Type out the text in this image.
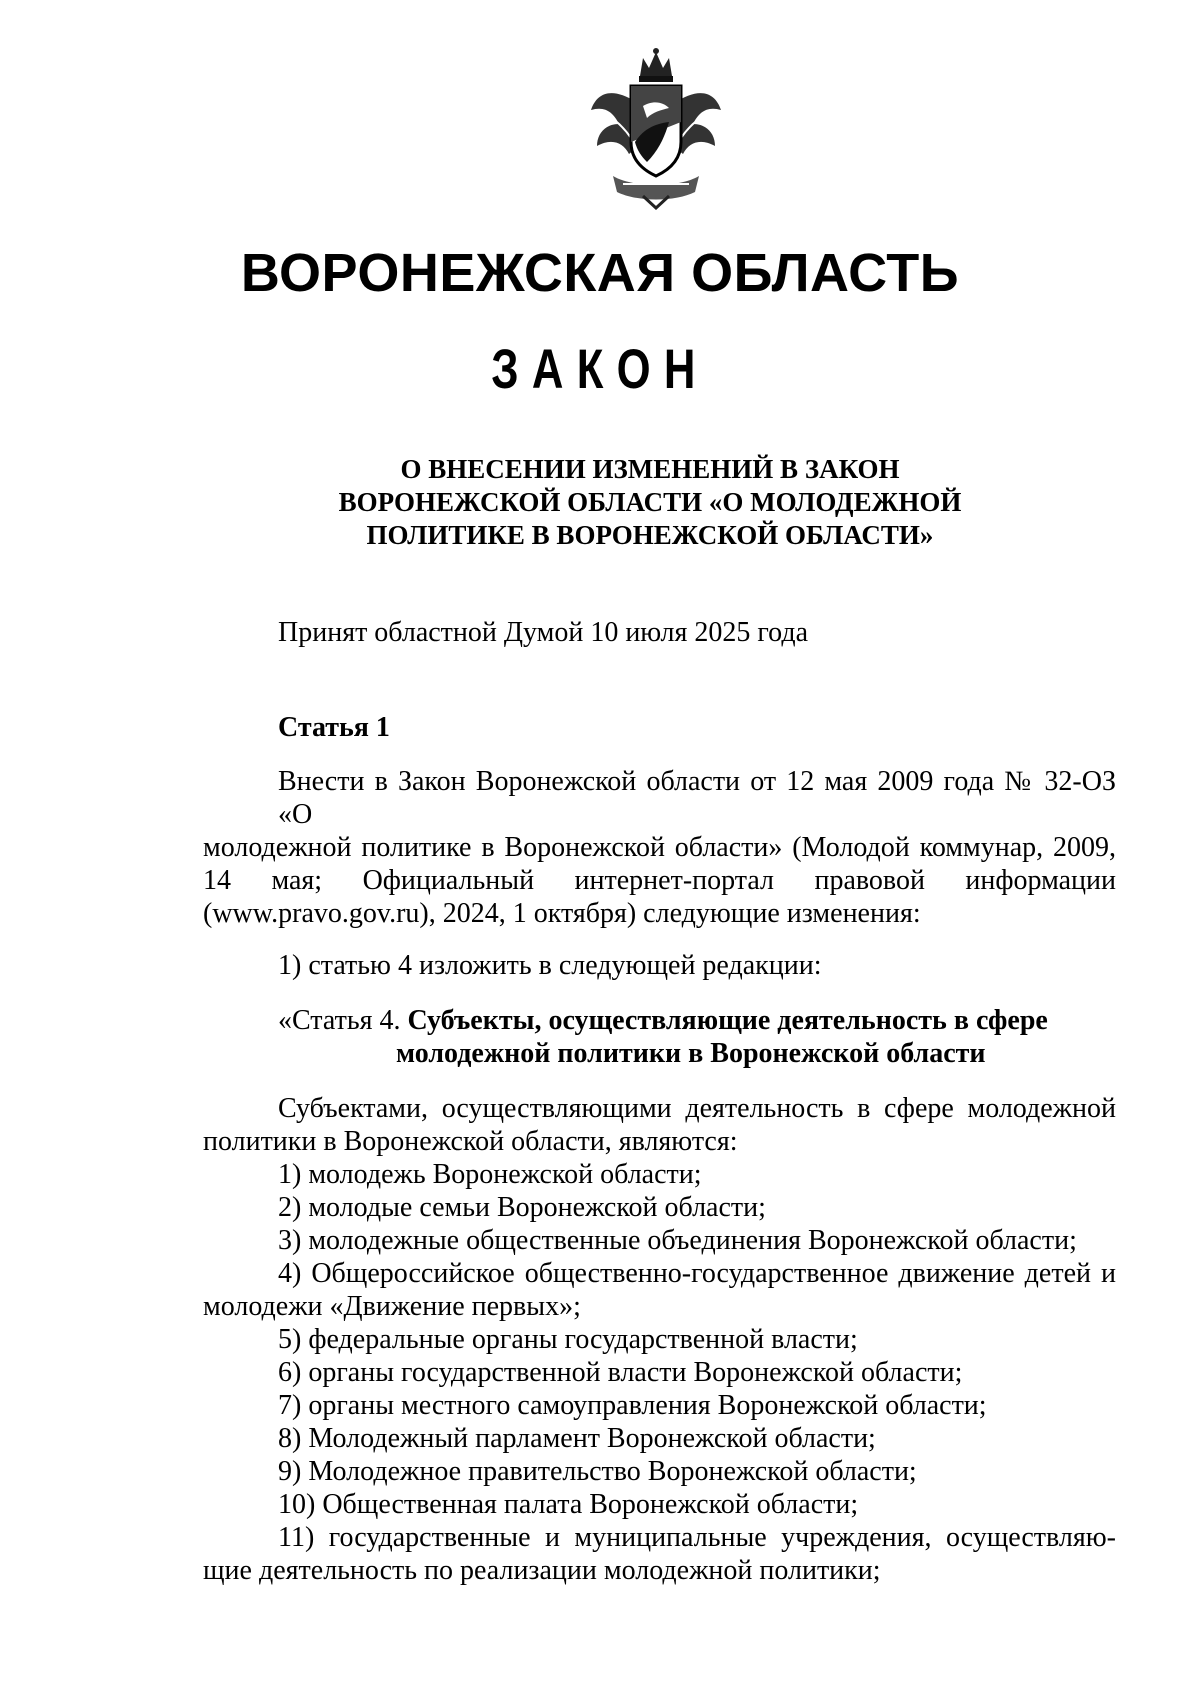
ВОРОНЕЖСКАЯ ОБЛАСТЬ
ЗАКОН
О ВНЕСЕНИИ ИЗМЕНЕНИЙ В ЗАКОН
ВОРОНЕЖСКОЙ ОБЛАСТИ «О МОЛОДЕЖНОЙ
ПОЛИТИКЕ В ВОРОНЕЖСКОЙ ОБЛАСТИ»
Принят областной Думой 10 июля 2025 года
Статья 1
Внести в Закон Воронежской области от 12 мая 2009 года № 32-ОЗ «О
молодежной политике в Воронежской области» (Молодой коммунар, 2009,
14 мая; Официальный интернет-портал правовой информации
(www.pravo.gov.ru), 2024, 1 октября) следующие изменения:
1) статью 4 изложить в следующей редакции:
«Статья 4. Субъекты, осуществляющие деятельность в сфере
молодежной политики в Воронежской области
Субъектами, осуществляющими деятельность в сфере молодежной
политики в Воронежской области, являются:
1) молодежь Воронежской области;
2) молодые семьи Воронежской области;
3) молодежные общественные объединения Воронежской области;
4) Общероссийское общественно-государственное движение детей и
молодежи «Движение первых»;
5) федеральные органы государственной власти;
6) органы государственной власти Воронежской области;
7) органы местного самоуправления Воронежской области;
8) Молодежный парламент Воронежской области;
9) Молодежное правительство Воронежской области;
10) Общественная палата Воронежской области;
11) государственные и муниципальные учреждения, осуществляю-
щие деятельность по реализации молодежной политики;
